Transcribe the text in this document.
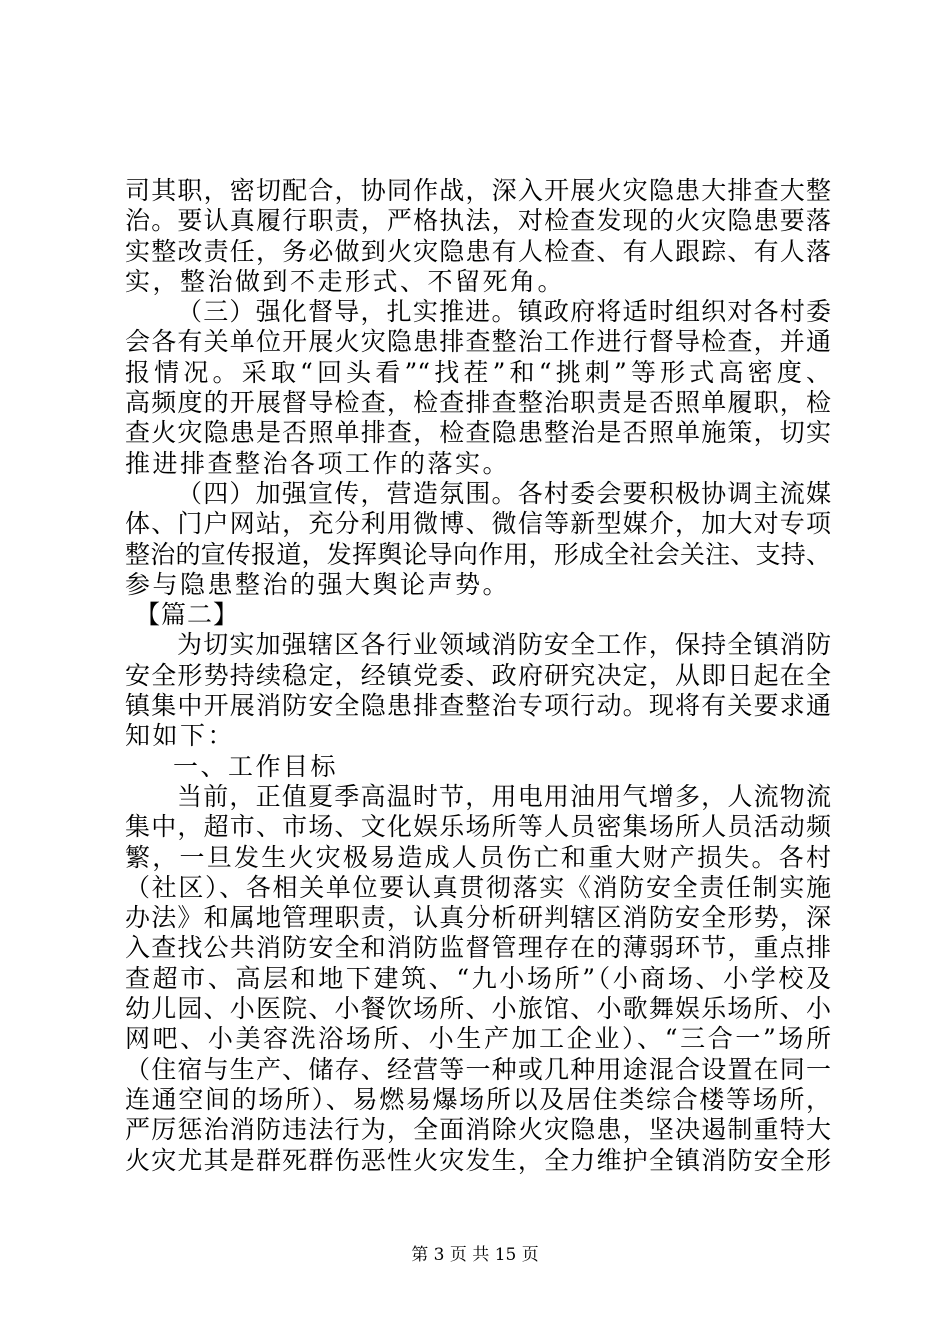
司其职，密切配合，协同作战，深入开展火灾隐患大排查大整
治。要认真履行职责，严格执法，对检查发现的火灾隐患要落
实整改责任，务必做到火灾隐患有人检查、有人跟踪、有人落
实，整治做到不走形式、不留死角。
（三）强化督导，扎实推进。镇政府将适时组织对各村委
会各有关单位开展火灾隐患排查整治工作进行督导检查，并通
报情况。采取“回头看”“找茬”和“挑刺”等形式高密度、
高频度的开展督导检查，检查排查整治职责是否照单履职，检
查火灾隐患是否照单排查，检查隐患整治是否照单施策，切实
推进排查整治各项工作的落实。
（四）加强宣传，营造氛围。各村委会要积极协调主流媒
体、门户网站，充分利用微博、微信等新型媒介，加大对专项
整治的宣传报道，发挥舆论导向作用，形成全社会关注、支持、
参与隐患整治的强大舆论声势。
【篇二】
为切实加强辖区各行业领域消防安全工作，保持全镇消防
安全形势持续稳定，经镇党委、政府研究决定，从即日起在全
镇集中开展消防安全隐患排查整治专项行动。现将有关要求通
知如下：
一、工作目标
当前，正值夏季高温时节，用电用油用气增多，人流物流
集中，超市、市场、文化娱乐场所等人员密集场所人员活动频
繁，一旦发生火灾极易造成人员伤亡和重大财产损失。各村
（社区）、各相关单位要认真贯彻落实《消防安全责任制实施
办法》和属地管理职责，认真分析研判辖区消防安全形势，深
入查找公共消防安全和消防监督管理存在的薄弱环节，重点排
查超市、高层和地下建筑、“九小场所”（小商场、小学校及
幼儿园、小医院、小餐饮场所、小旅馆、小歌舞娱乐场所、小
网吧、小美容洗浴场所、小生产加工企业）、“三合一”场所
（住宿与生产、储存、经营等一种或几种用途混合设置在同一
连通空间的场所）、易燃易爆场所以及居住类综合楼等场所，
严厉惩治消防违法行为，全面消除火灾隐患，坚决遏制重特大
火灾尤其是群死群伤恶性火灾发生，全力维护全镇消防安全形
第 3 页 共 15 页
